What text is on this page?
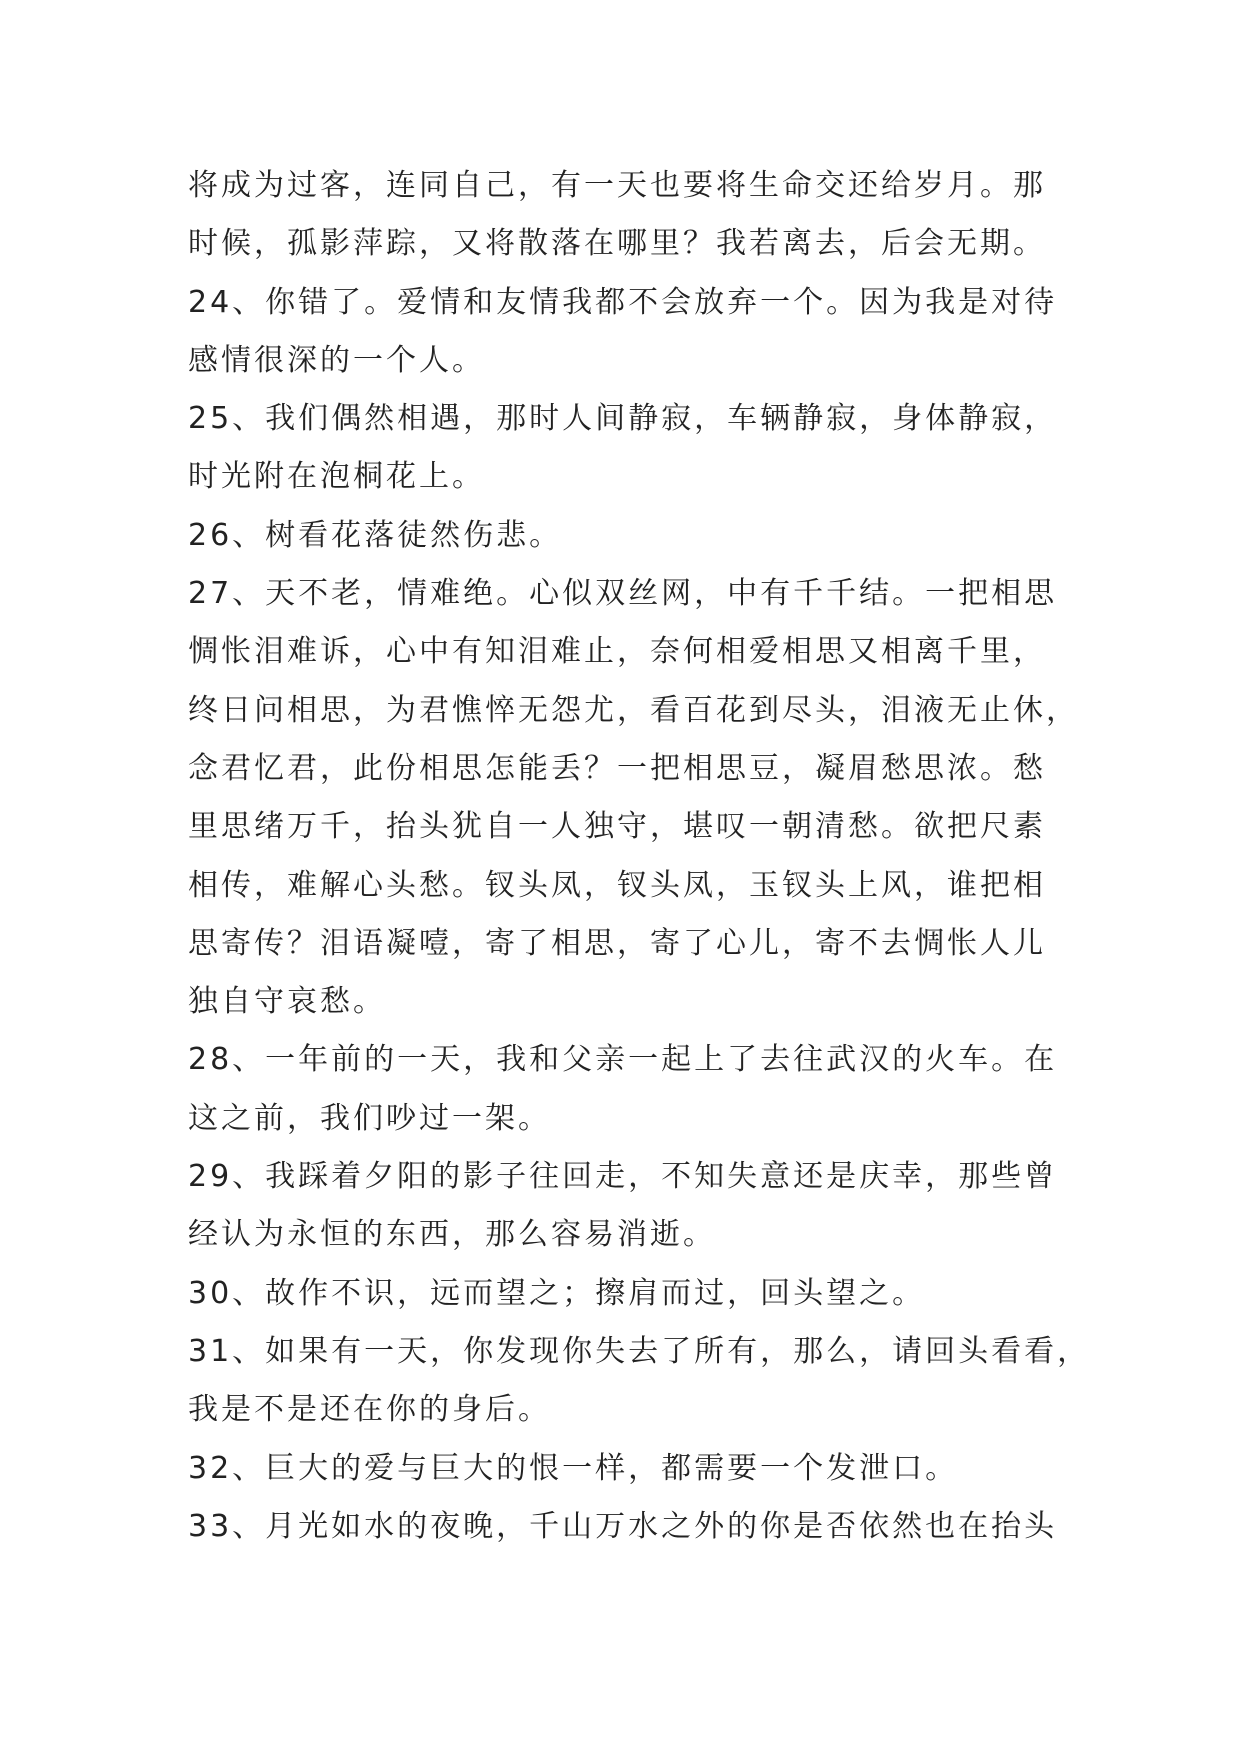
将成为过客，连同自己，有一天也要将生命交还给岁月。那
时候，孤影萍踪，又将散落在哪里？我若离去，后会无期。
24、你错了。爱情和友情我都不会放弃一个。因为我是对待
感情很深的一个人。
25、我们偶然相遇，那时人间静寂，车辆静寂，身体静寂，
时光附在泡桐花上。
26、树看花落徒然伤悲。
27、天不老，情难绝。心似双丝网，中有千千结。一把相思
惆怅泪难诉，心中有知泪难止，奈何相爱相思又相离千里，
终日问相思，为君憔悴无怨尤，看百花到尽头，泪液无止休，
念君忆君，此份相思怎能丢？一把相思豆，凝眉愁思浓。愁
里思绪万千，抬头犹自一人独守，堪叹一朝清愁。欲把尺素
相传，难解心头愁。钗头凤，钗头凤，玉钗头上风，谁把相
思寄传？泪语凝噎，寄了相思，寄了心儿，寄不去惆怅人儿
独自守哀愁。
28、一年前的一天，我和父亲一起上了去往武汉的火车。在
这之前，我们吵过一架。
29、我踩着夕阳的影子往回走，不知失意还是庆幸，那些曾
经认为永恒的东西，那么容易消逝。
30、故作不识，远而望之；擦肩而过，回头望之。
31、如果有一天，你发现你失去了所有，那么，请回头看看，
我是不是还在你的身后。
32、巨大的爱与巨大的恨一样，都需要一个发泄口。
33、月光如水的夜晚，千山万水之外的你是否依然也在抬头
